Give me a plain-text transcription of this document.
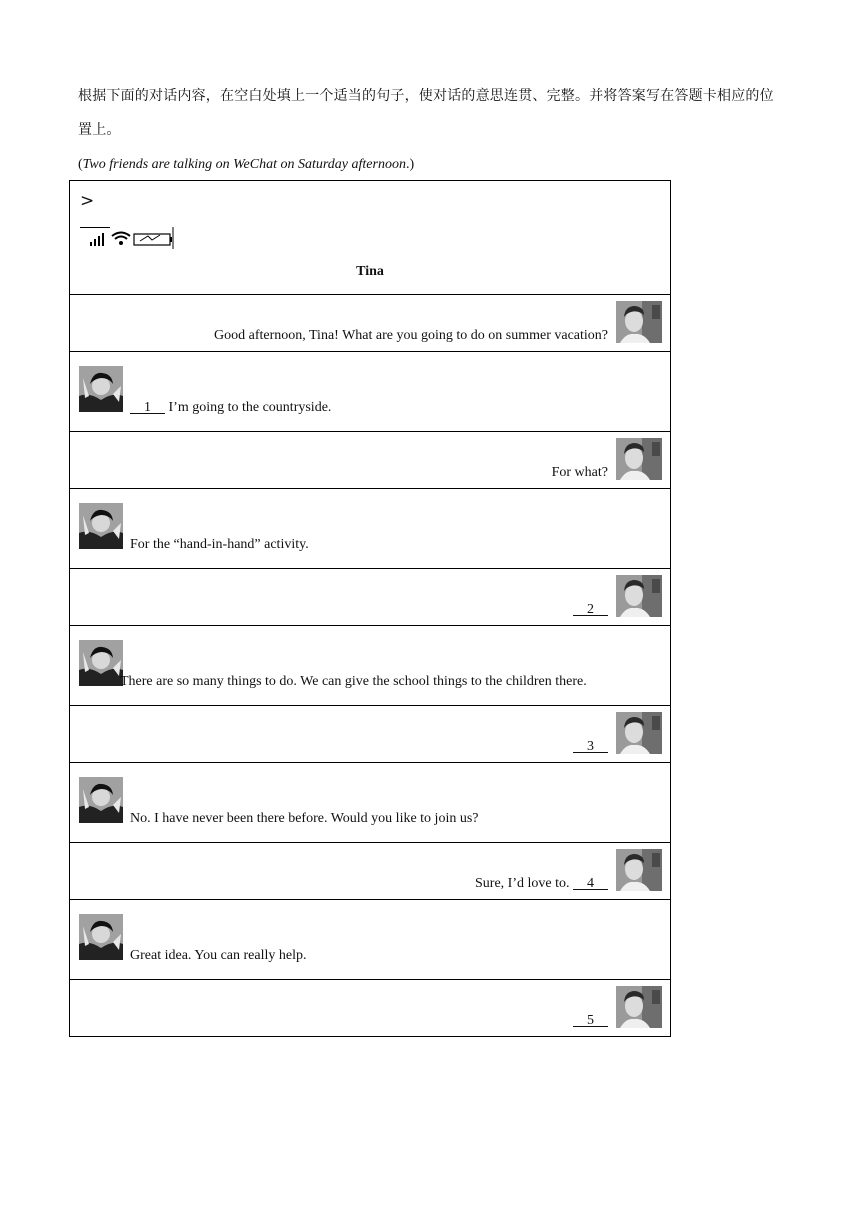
根据下面的对话内容，在空白处填上一个适当的句子，使对话的意思连贯、完整。并将答案写在答题卡相应的位置上。
(Two friends are talking on WeChat on Saturday afternoon.)
>
Tina

Good afternoon, Tina! What are you going to do on summer vacation?

1     I’m going to the countryside.

For what?

For the “hand-in-hand” activity.

2

There are so many things to do. We can give the school things to the children there.

3

No. I have never been there before. Would you like to join us?

Sure, I’d love to.     4

Great idea. You can really help.

5
